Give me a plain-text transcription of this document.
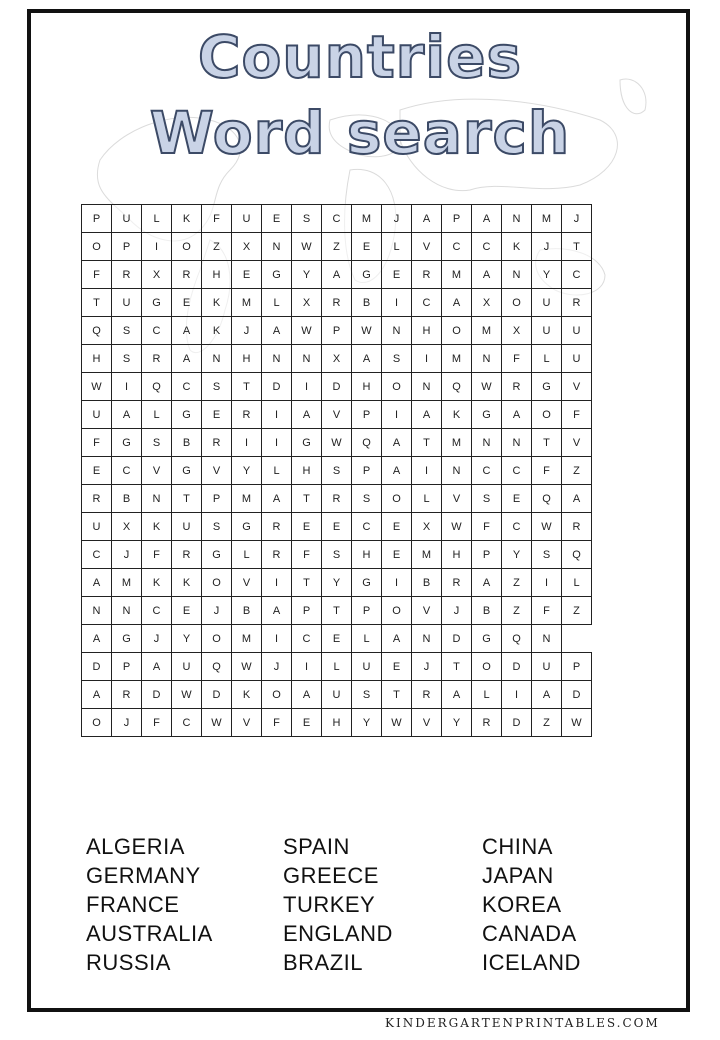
Countries
Word search
P	U	L	K	F	U	E	S	C	M	J	A	P	A	N	M	J
O	P	I	O	Z	X	N	W	Z	E	L	V	C	C	K	J	T
F	R	X	R	H	E	G	Y	A	G	E	R	M	A	N	Y	C
T	U	G	E	K	M	L	X	R	B	I	C	A	X	O	U	R
Q	S	C	A	K	J	A	W	P	W	N	H	O	M	X	U	U
H	S	R	A	N	H	N	N	X	A	S	I	M	N	F	L	U
W	I	Q	C	S	T	D	I	D	H	O	N	Q	W	R	G	V
U	A	L	G	E	R	I	A	V	P	I	A	K	G	A	O	F
F	G	S	B	R	I	I	G	W	Q	A	T	M	N	N	T	V
E	C	V	G	V	Y	L	H	S	P	A	I	N	C	C	F	Z
R	B	N	T	P	M	A	T	R	S	O	L	V	S	E	Q	A
U	X	K	U	S	G	R	E	E	C	E	X	W	F	C	W	R
C	J	F	R	G	L	R	F	S	H	E	M	H	P	Y	S	Q
A	M	K	K	O	V	I	T	Y	G	I	B	R	A	Z	I	L
N	N	C	E	J	B	A	P	T	P	O	V	J	B	Z	F	Z
A	G	J	Y	O	M	I	C	E	L	A	N	D	G	Q	N	
D	P	A	U	Q	W	J	I	L	U	E	J	T	O	D	U	P
A	R	D	W	D	K	O	A	U	S	T	R	A	L	I	A	D
O	J	F	C	W	V	F	E	H	Y	W	V	Y	R	D	Z	W
ALGERIA
GERMANY
FRANCE
AUSTRALIA
RUSSIA
SPAIN
GREECE
TURKEY
ENGLAND
BRAZIL
CHINA
JAPAN
KOREA
CANADA
ICELAND
KINDERGARTENPRINTABLES.COM
